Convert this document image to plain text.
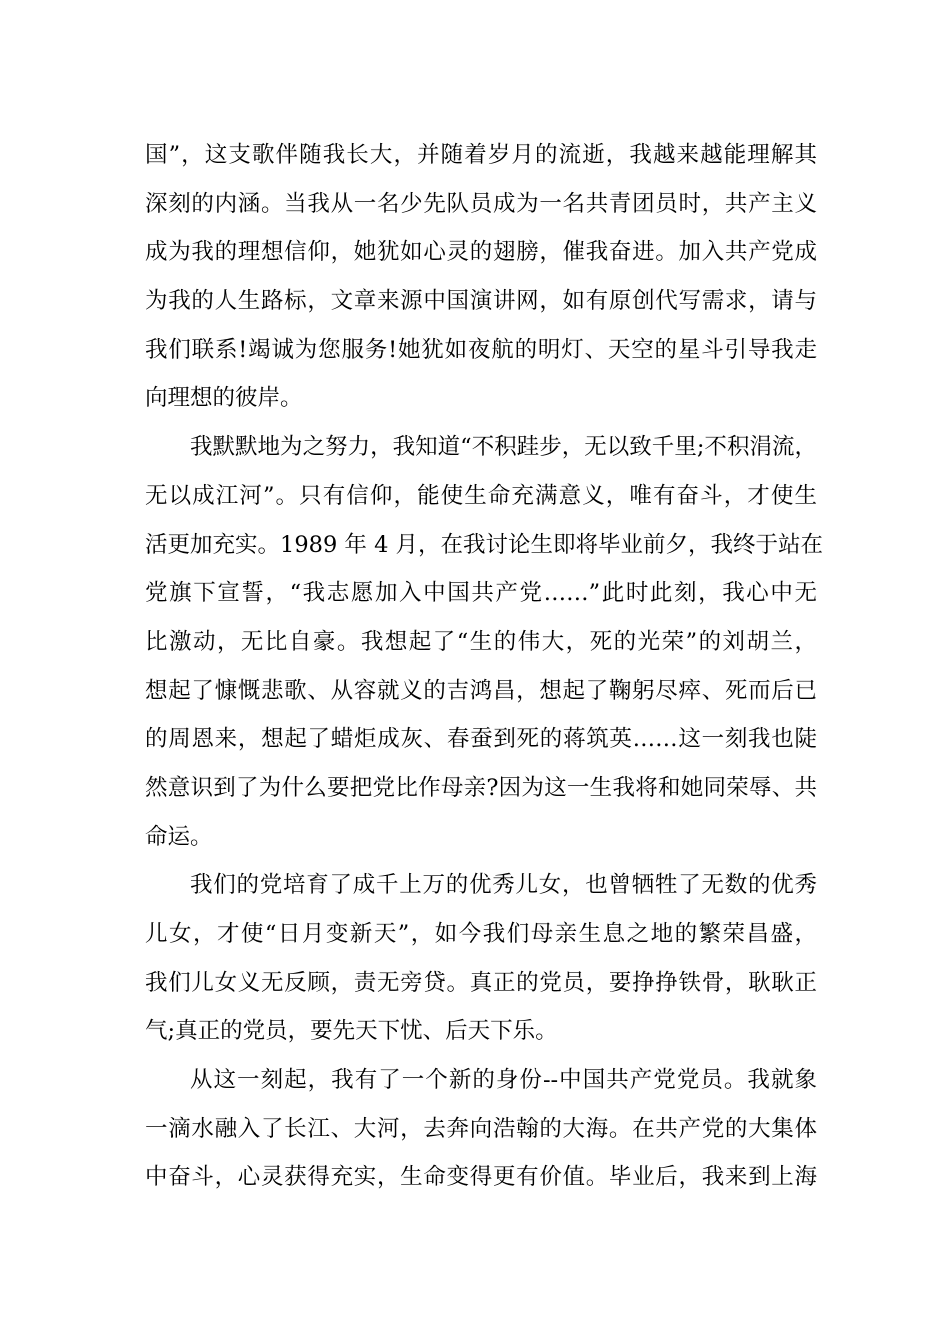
国”，这支歌伴随我长大，并随着岁月的流逝，我越来越能理解其
深刻的内涵。当我从一名少先队员成为一名共青团员时，共产主义
成为我的理想信仰，她犹如心灵的翅膀，催我奋进。加入共产党成
为我的人生路标，文章来源中国演讲网，如有原创代写需求，请与
我们联系!竭诚为您服务!她犹如夜航的明灯、天空的星斗引导我走
向理想的彼岸。
我默默地为之努力，我知道“不积跬步，无以致千里;不积涓流，
无以成江河”。只有信仰，能使生命充满意义，唯有奋斗，才使生
活更加充实。1989 年 4 月，在我讨论生即将毕业前夕，我终于站在
党旗下宣誓，“我志愿加入中国共产党……”此时此刻，我心中无
比激动，无比自豪。我想起了“生的伟大，死的光荣”的刘胡兰，
想起了慷慨悲歌、从容就义的吉鸿昌，想起了鞠躬尽瘁、死而后已
的周恩来，想起了蜡炬成灰、春蚕到死的蒋筑英……这一刻我也陡
然意识到了为什么要把党比作母亲?因为这一生我将和她同荣辱、共
命运。
我们的党培育了成千上万的优秀儿女，也曾牺牲了无数的优秀
儿女，才使“日月变新天”，如今我们母亲生息之地的繁荣昌盛，
我们儿女义无反顾，责无旁贷。真正的党员，要挣挣铁骨，耿耿正
气;真正的党员，要先天下忧、后天下乐。
从这一刻起，我有了一个新的身份--中国共产党党员。我就象
一滴水融入了长江、大河，去奔向浩翰的大海。在共产党的大集体
中奋斗，心灵获得充实，生命变得更有价值。毕业后，我来到上海
